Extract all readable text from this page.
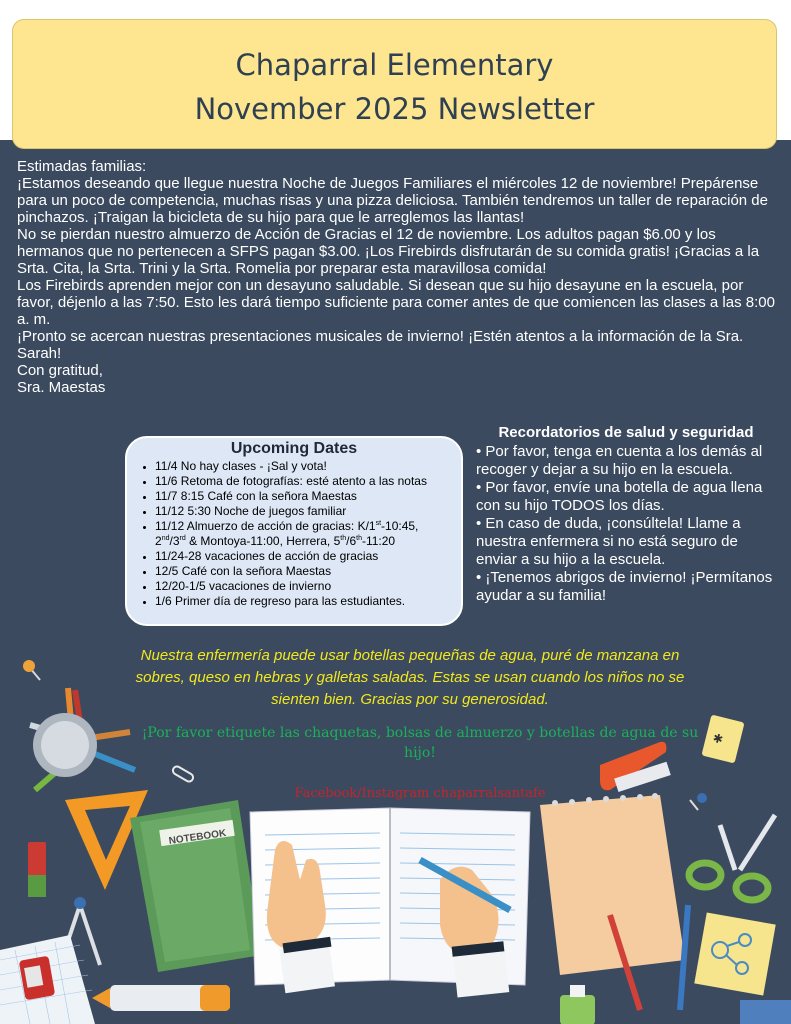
NOTEBOOK
✱
Chaparral Elementary
November 2025 Newsletter
Estimadas familias:
¡Estamos deseando que llegue nuestra Noche de Juegos Familiares el miércoles 12 de noviembre! Prepárense para un poco de competencia, muchas risas y una pizza deliciosa. También tendremos un taller de reparación de pinchazos. ¡Traigan la bicicleta de su hijo para que le arreglemos las llantas!
No se pierdan nuestro almuerzo de Acción de Gracias el 12 de noviembre. Los adultos pagan $6.00 y los hermanos que no pertenecen a SFPS pagan $3.00. ¡Los Firebirds disfrutarán de su comida gratis! ¡Gracias a la Srta. Cita, la Srta. Trini y la Srta. Romelia por preparar esta maravillosa comida!
Los Firebirds aprenden mejor con un desayuno saludable. Si desean que su hijo desayune en la escuela, por favor, déjenlo a las 7:50. Esto les dará tiempo suficiente para comer antes de que comiencen las clases a las 8:00 a. m.
¡Pronto se acercan nuestras presentaciones musicales de invierno! ¡Estén atentos a la información de la Sra. Sarah!
Con gratitud,
Sra. Maestas
Upcoming Dates
• 11/4 No hay clases - ¡Sal y vota!
• 11/6 Retoma de fotografías: esté atento a las notas
• 11/7 8:15 Café con la señora Maestas
• 11/12 5:30 Noche de juegos familiar
• 11/12 Almuerzo de acción de gracias: K/1st-10:45,
2nd/3rd & Montoya-11:00, Herrera, 5th/6th-11:20
• 11/24-28 vacaciones de acción de gracias
• 12/5 Café con la señora Maestas
• 12/20-1/5 vacaciones de invierno
• 1/6 Primer día de regreso para las estudiantes.
Recordatorios de salud y seguridad
• Por favor, tenga en cuenta a los demás al recoger y dejar a su hijo en la escuela.
• Por favor, envíe una botella de agua llena con su hijo TODOS los días.
• En caso de duda, ¡consúltela! Llame a nuestra enfermera si no está seguro de enviar a su hijo a la escuela.
• ¡Tenemos abrigos de invierno! ¡Permítanos ayudar a su familia!
Nuestra enfermería puede usar botellas pequeñas de agua, puré de manzana en sobres, queso en hebras y galletas saladas. Estas se usan cuando los niños no se sienten bien. Gracias por su generosidad.
¡Por favor etiquete las chaquetas, bolsas de almuerzo y botellas de agua de su hijo!
Facebook/Instagram chaparralsantafe
